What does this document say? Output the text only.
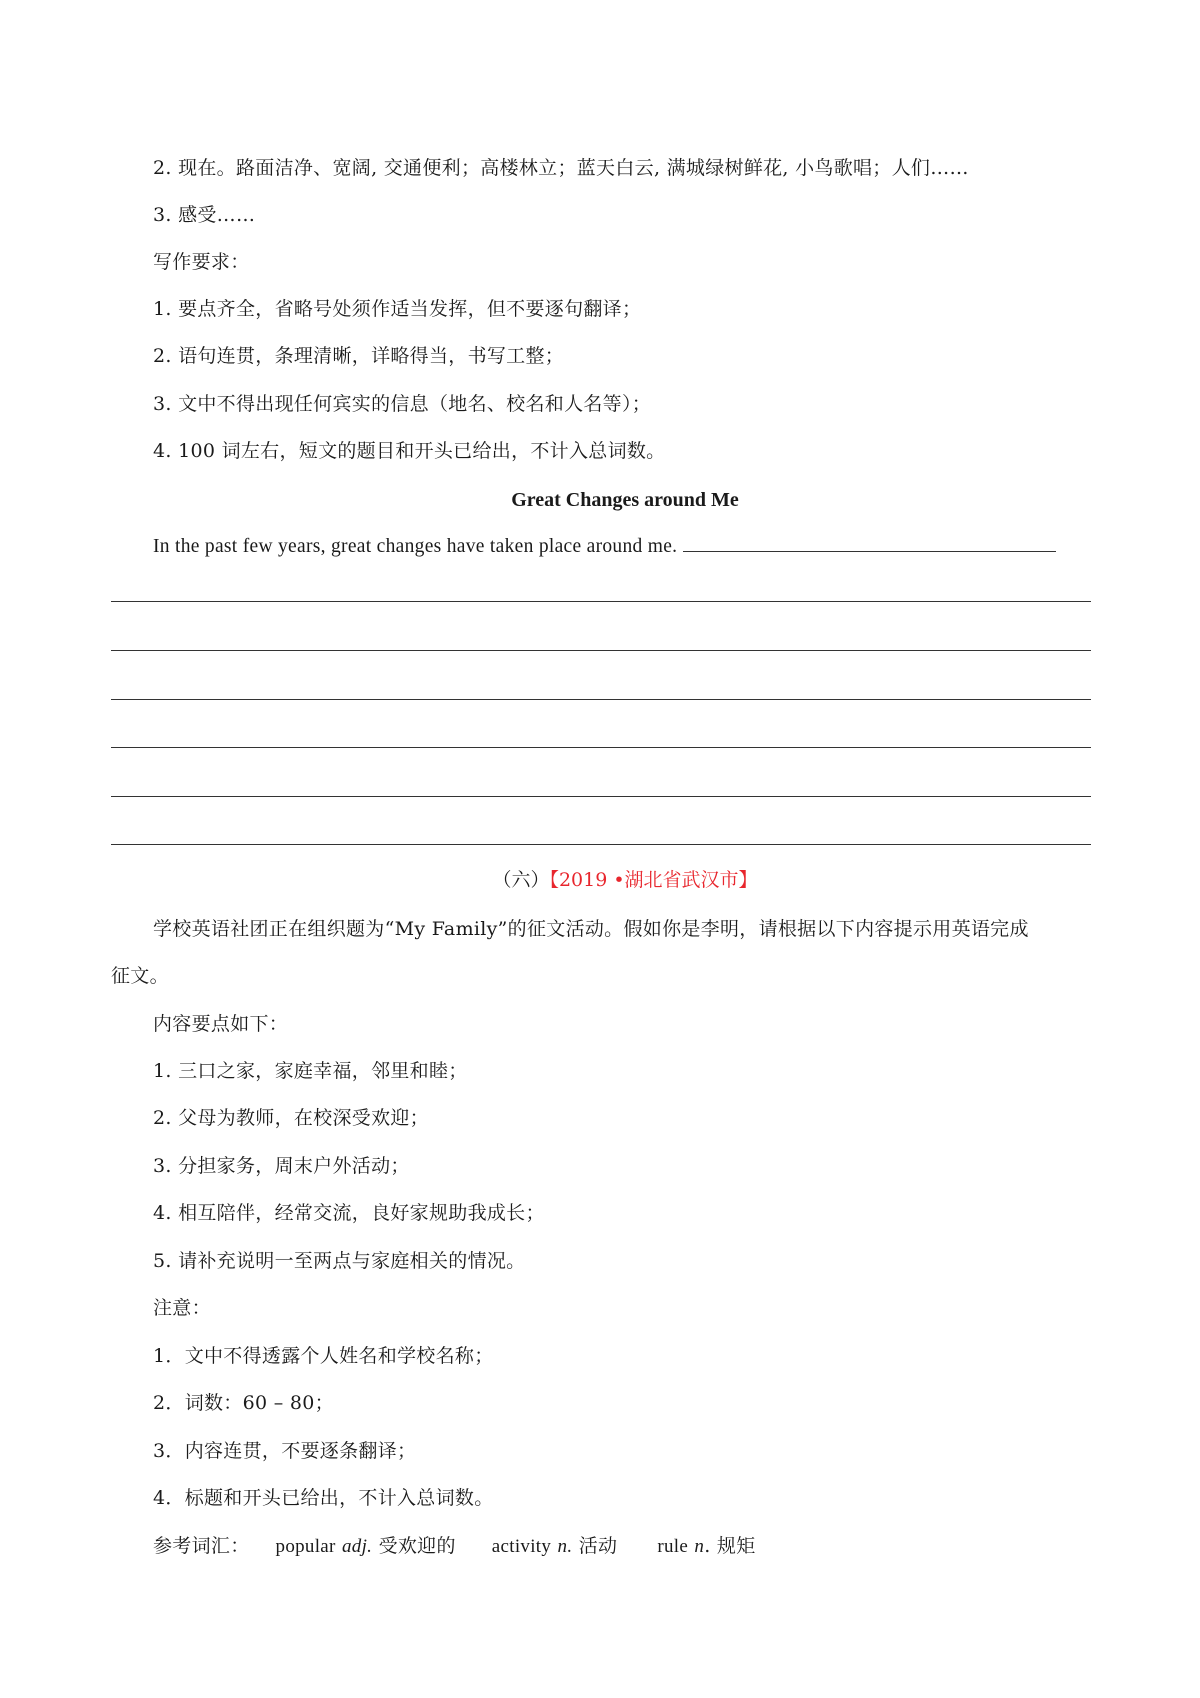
2. 现在。路面洁净、宽阔, 交通便利；高楼林立；蓝天白云, 满城绿树鲜花, 小鸟歌唱；人们……
3. 感受……
写作要求：
1. 要点齐全，省略号处须作适当发挥，但不要逐句翻译；
2. 语句连贯，条理清晰，详略得当，书写工整；
3. 文中不得出现任何宾实的信息（地名、校名和人名等）；
4. 100 词左右，短文的题目和开头已给出，不计入总词数。
Great Changes around Me
In the past few years, great changes have taken place around me.
（六）【2019 •湖北省武汉市】
学校英语社团正在组织题为“My Family”的征文活动。假如你是李明，请根据以下内容提示用英语完成
征文。
内容要点如下：
1. 三口之家，家庭幸福，邻里和睦；
2. 父母为教师，在校深受欢迎；
3. 分担家务，周末户外活动；
4. 相互陪伴，经常交流，良好家规助我成长；
5. 请补充说明一至两点与家庭相关的情况。
注意：
1．文中不得透露个人姓名和学校名称；
2．词数：60 – 80；
3．内容连贯，不要逐条翻译；
4．标题和开头已给出，不计入总词数。
参考词汇： popular adj. 受欢迎的 activity n. 活动 rule n. 规矩
